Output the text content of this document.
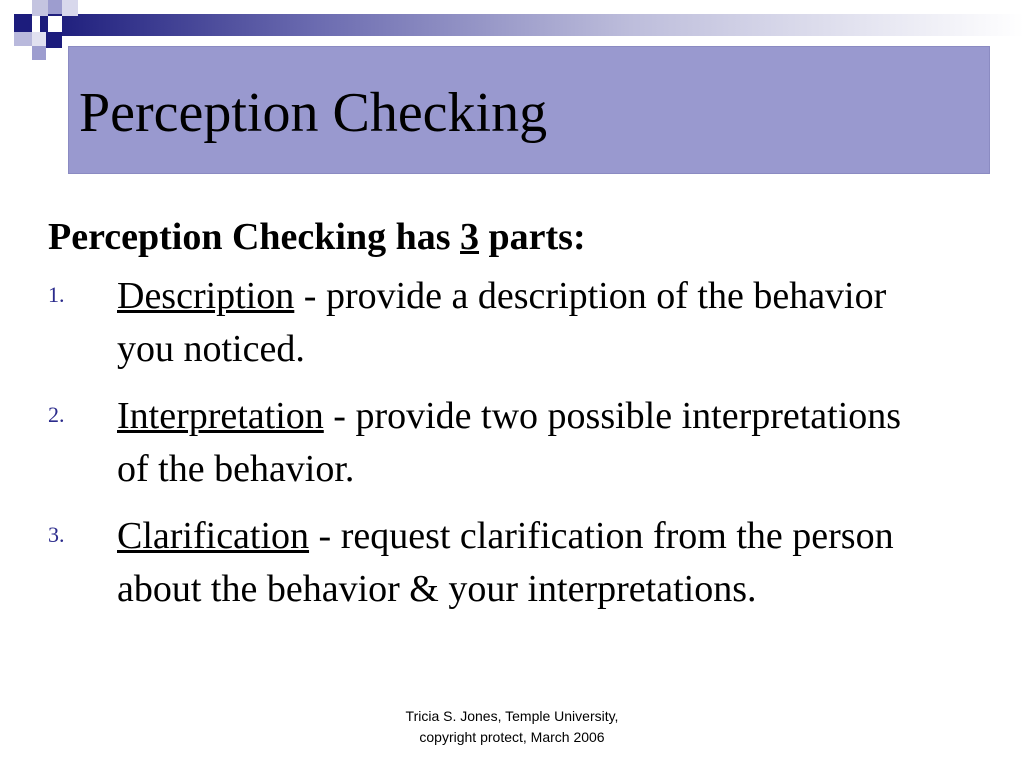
Perception Checking

Perception Checking has 3 parts:

1. Description - provide a description of the behavior you noticed.
2. Interpretation - provide two possible interpretations of the behavior.
3. Clarification - request clarification from the person about the behavior & your interpretations.
Tricia S. Jones, Temple University,
copyright protect, March 2006
